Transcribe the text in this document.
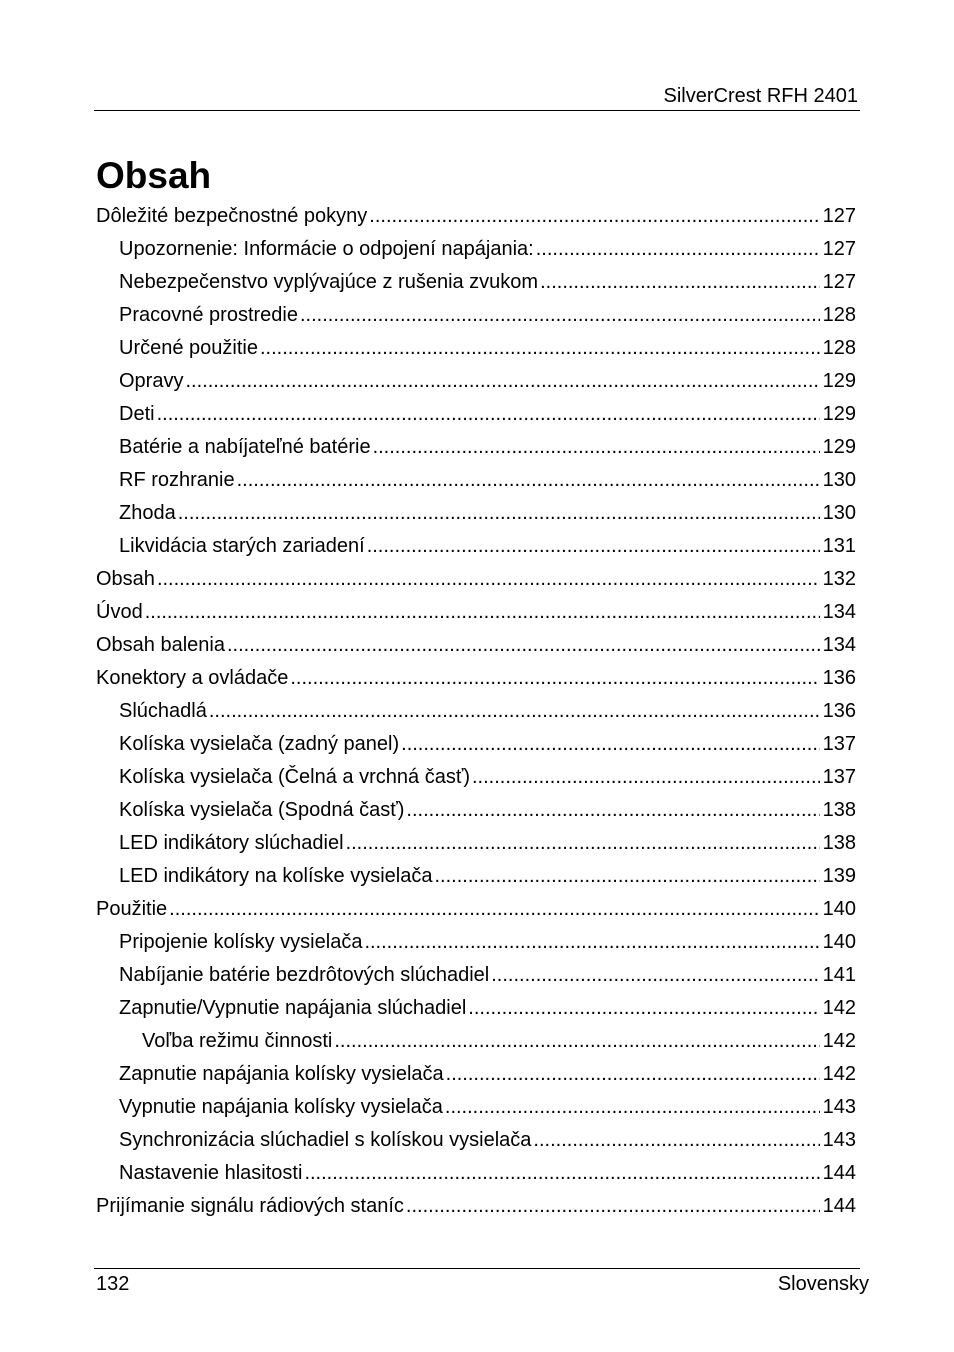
SilverCrest RFH 2401
Obsah
Dôležité bezpečnostné pokyny .....	127
Upozornenie: Informácie o odpojení napájania: .....	127
Nebezpečenstvo vyplývajúce z rušenia zvukom .....	127
Pracovné prostredie .....	128
Určené použitie .....	128
Opravy .....	129
Deti .....	129
Batérie a nabíjateľné batérie .....	129
RF rozhranie .....	130
Zhoda .....	130
Likvidácia starých zariadení .....	131
Obsah .....	132
Úvod .....	134
Obsah balenia .....	134
Konektory a ovládače .....	136
Slúchadlá .....	136
Kolíska vysielača (zadný panel) .....	137
Kolíska vysielača (Čelná a vrchná časť) .....	137
Kolíska vysielača (Spodná časť) .....	138
LED indikátory slúchadiel .....	138
LED indikátory na kolíske vysielača .....	139
Použitie .....	140
Pripojenie kolísky vysielača .....	140
Nabíjanie batérie bezdrôtových slúchadiel .....	141
Zapnutie/Vypnutie napájania slúchadiel .....	142
Voľba režimu činnosti .....	142
Zapnutie napájania kolísky vysielača .....	142
Vypnutie napájania kolísky vysielača .....	143
Synchronizácia slúchadiel s kolískou vysielača .....	143
Nastavenie hlasitosti .....	144
Prijímanie signálu rádiových staníc .....	144
132	Slovensky
